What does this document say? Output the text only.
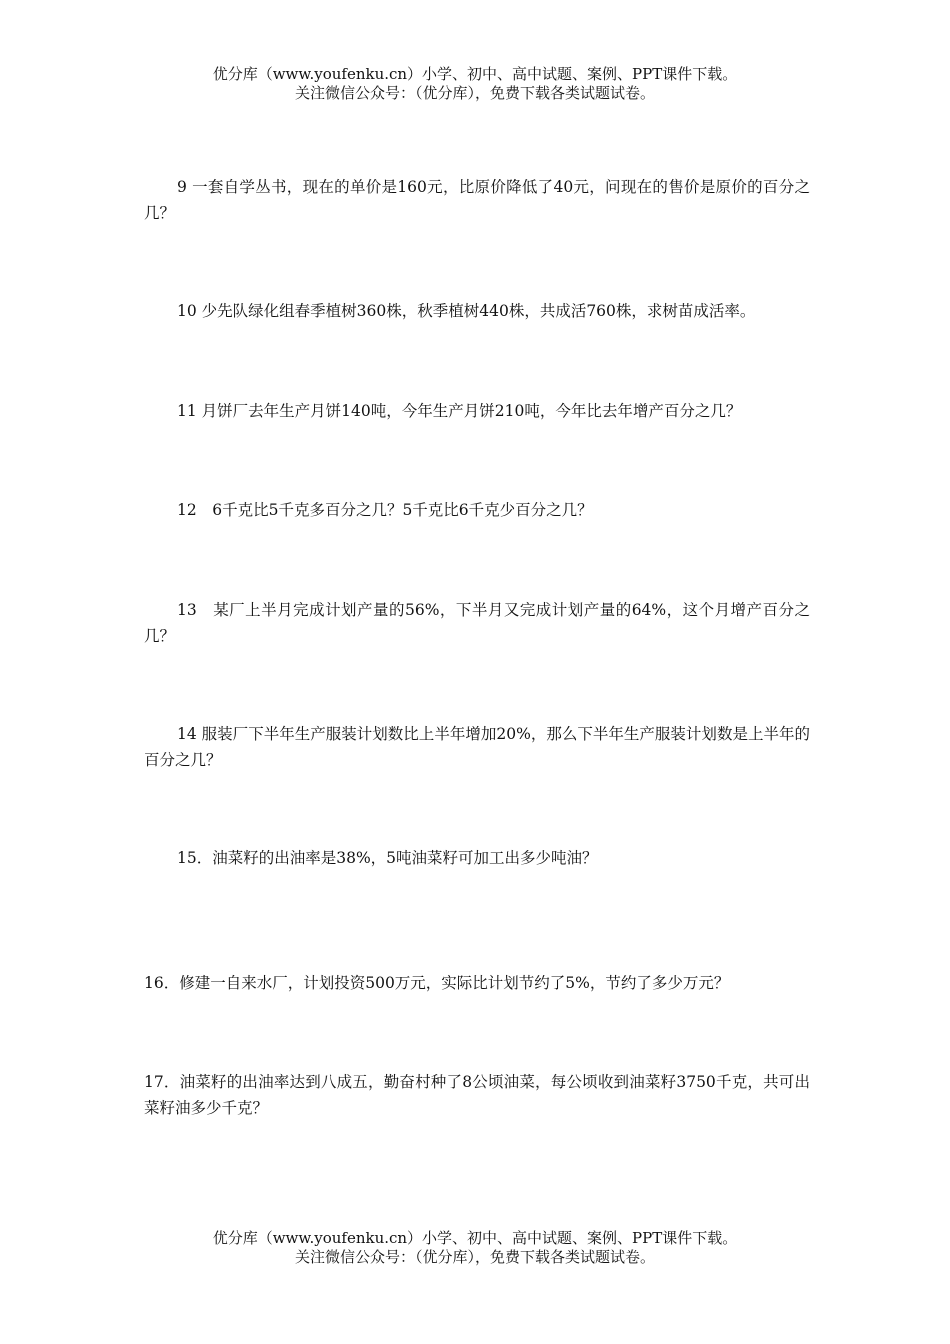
优分库（www.youfenku.cn）小学、初中、高中试题、案例、PPT课件下载。
关注微信公众号：（优分库），免费下载各类试题试卷。
9 一套自学丛书，现在的单价是160元，比原价降低了40元，问现在的售价是原价的百分之几？
10 少先队绿化组春季植树360株，秋季植树440株，共成活760株，求树苗成活率。
11 月饼厂去年生产月饼140吨，今年生产月饼210吨，今年比去年增产百分之几？
12　6千克比5千克多百分之几？5千克比6千克少百分之几？
13　某厂上半月完成计划产量的56%，下半月又完成计划产量的64%，这个月增产百分之几？
14 服装厂下半年生产服装计划数比上半年增加20%，那么下半年生产服装计划数是上半年的百分之几？
15．油菜籽的出油率是38%，5吨油菜籽可加工出多少吨油？
16．修建一自来水厂，计划投资500万元，实际比计划节约了5%，节约了多少万元？
17．油菜籽的出油率达到八成五，勤奋村种了8公顷油菜，每公顷收到油菜籽3750千克，共可出菜籽油多少千克？
优分库（www.youfenku.cn）小学、初中、高中试题、案例、PPT课件下载。
关注微信公众号：（优分库），免费下载各类试题试卷。
